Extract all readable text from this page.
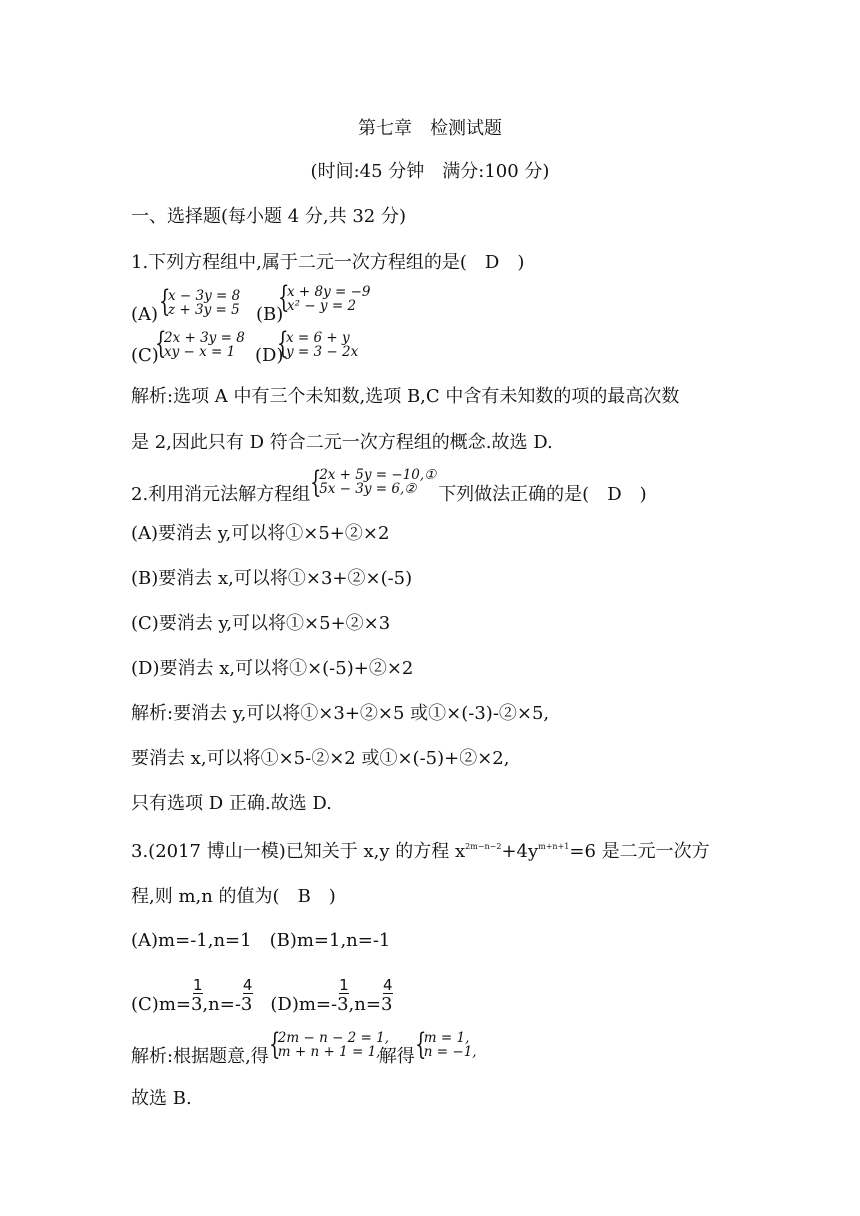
第七章　检测试题
(时间:45 分钟　满分:100 分)
一、选择题(每小题 4 分,共 32 分)
1.下列方程组中,属于二元一次方程组的是(　D　)
(A) {
x − 3y = 8
z + 3y = 5 (B)
{
x + 8y = −9
x² − y = 2
(C)
{
2x + 3y = 8
xy − x = 1	(D)
{
x = 6 + y
y = 3 − 2x
解析:选项 A 中有三个未知数,选项 B,C 中含有未知数的项的最高次数
是 2,因此只有 D 符合二元一次方程组的概念.故选 D.
2.利用消元法解方程组 {
2x + 5y = −10,①
5x − 3y = 6,②	下列做法正确的是(　D　)
(A)要消去 y,可以将①×5+②×2
(B)要消去 x,可以将①×3+②×(-5)
(C)要消去 y,可以将①×5+②×3
(D)要消去 x,可以将①×(-5)+②×2
解析:要消去 y,可以将①×3+②×5 或①×(-3)-②×5,
要消去 x,可以将①×5-②×2 或①×(-5)+②×2,
只有选项 D 正确.故选 D.
3.(2017 博山一模)已知关于 x,y 的方程 $x^{2m-n-2}+4y^{m+n+1}=6$ 是二元一次方
程,则 m,n 的值为(　B　)
(A)m=-1,n=1　(B)m=1,n=-1
(C)m=
1
3,n=-
4
3　(D)m=-
1
3,n=
4
3
解析:根据题意,得 {
2m − n − 2 = 1,
m + n + 1 = 1,
解得 {
m = 1,
n = −1,
故选 B.
